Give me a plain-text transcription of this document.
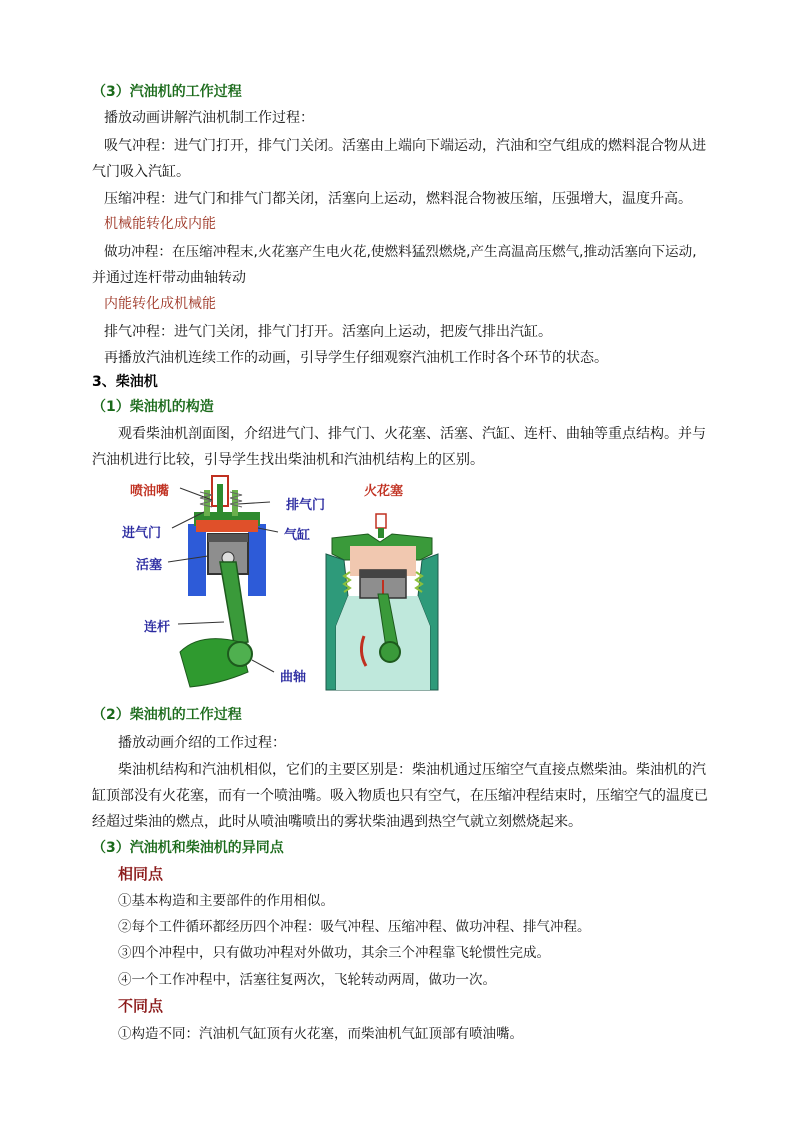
（3）汽油机的工作过程
播放动画讲解汽油机制工作过程：
吸气冲程：进气门打开，排气门关闭。活塞由上端向下端运动，汽油和空气组成的燃料混合物从进
气门吸入汽缸。
压缩冲程：进气门和排气门都关闭，活塞向上运动，燃料混合物被压缩，压强增大，温度升高。
机械能转化成内能
做功冲程：在压缩冲程末,火花塞产生电火花,使燃料猛烈燃烧,产生高温高压燃气,推动活塞向下运动,
并通过连杆带动曲轴转动
内能转化成机械能
排气冲程：进气门关闭，排气门打开。活塞向上运动，把废气排出汽缸。
再播放汽油机连续工作的动画，引导学生仔细观察汽油机工作时各个环节的状态。
3、柴油机
（1）柴油机的构造
观看柴油机剖面图，介绍进气门、排气门、火花塞、活塞、汽缸、连杆、曲轴等重点结构。并与
汽油机进行比较，引导学生找出柴油机和汽油机结构上的区别。
喷油嘴
排气门
进气门	气缸
活塞
连杆
曲轴
火花塞
（2）柴油机的工作过程
播放动画介绍的工作过程：
柴油机结构和汽油机相似，它们的主要区别是：柴油机通过压缩空气直接点燃柴油。柴油机的汽
缸顶部没有火花塞，而有一个喷油嘴。吸入物质也只有空气，在压缩冲程结束时，压缩空气的温度已
经超过柴油的燃点，此时从喷油嘴喷出的雾状柴油遇到热空气就立刻燃烧起来。
（3）汽油机和柴油机的异同点
相同点
①基本构造和主要部件的作用相似。
②每个工件循环都经历四个冲程：吸气冲程、压缩冲程、做功冲程、排气冲程。
③四个冲程中，只有做功冲程对外做功，其余三个冲程靠飞轮惯性完成。
④一个工作冲程中，活塞往复两次，飞轮转动两周，做功一次。
不同点
①构造不同：汽油机气缸顶有火花塞，而柴油机气缸顶部有喷油嘴。
